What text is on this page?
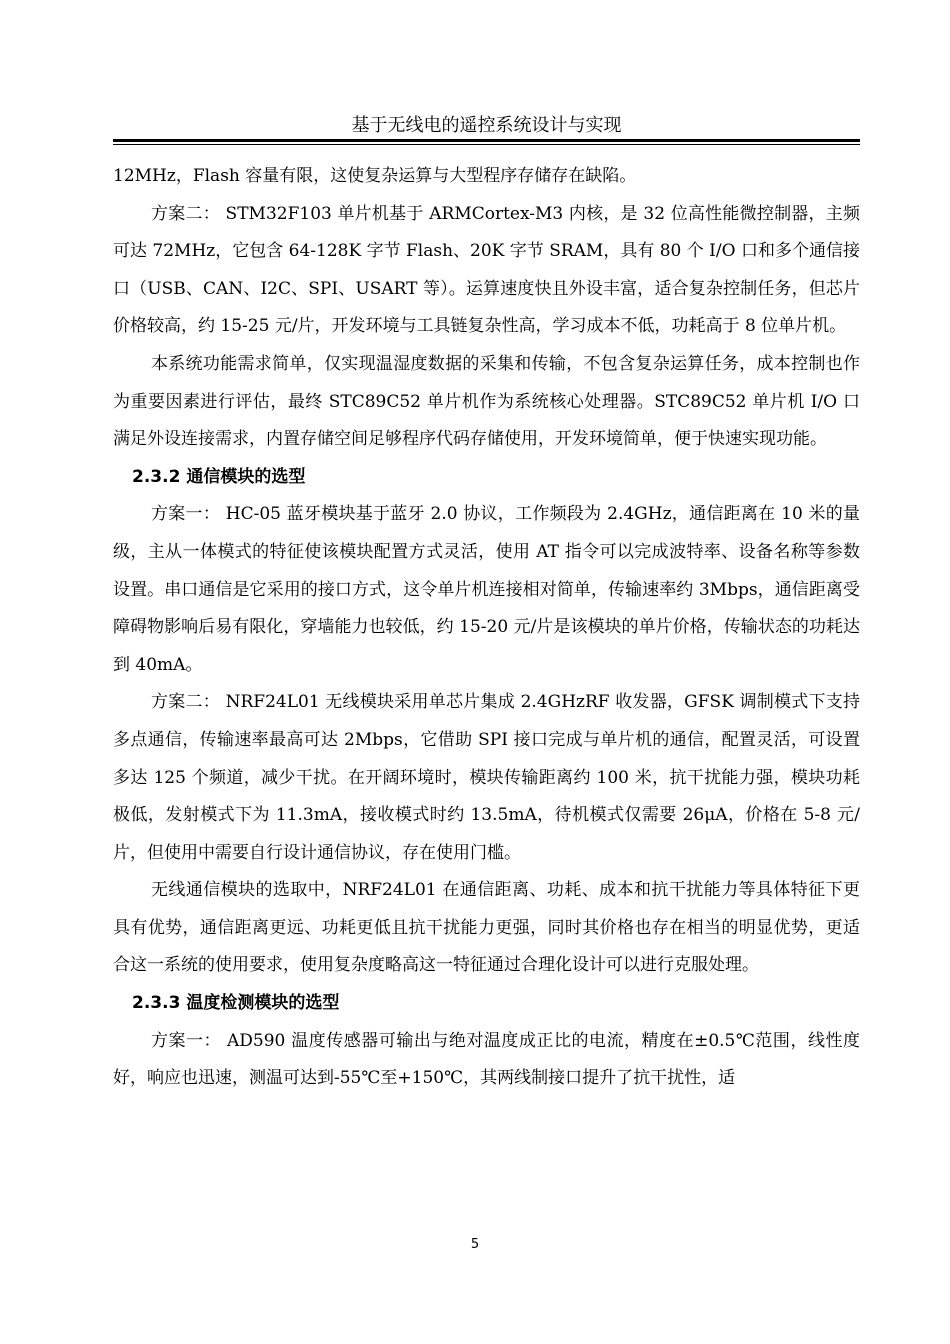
基于无线电的遥控系统设计与实现

12MHz，Flash 容量有限，这使复杂运算与大型程序存储存在缺陷。

方案二： STM32F103 单片机基于 ARMCortex-M3 内核，是 32 位高性能微控制器，主频可达 72MHz，它包含 64-128K 字节 Flash、20K 字节 SRAM，具有 80 个 I/O 口和多个通信接口（USB、CAN、I2C、SPI、USART 等）。运算速度快且外设丰富，适合复杂控制任务，但芯片价格较高，约 15-25 元/片，开发环境与工具链复杂性高，学习成本不低，功耗高于 8 位单片机。

本系统功能需求简单，仅实现温湿度数据的采集和传输，不包含复杂运算任务，成本控制也作为重要因素进行评估，最终 STC89C52 单片机作为系统核心处理器。STC89C52 单片机 I/O 口满足外设连接需求，内置存储空间足够程序代码存储使用，开发环境简单，便于快速实现功能。

2.3.2 通信模块的选型

方案一： HC-05 蓝牙模块基于蓝牙 2.0 协议，工作频段为 2.4GHz，通信距离在 10 米的量级，主从一体模式的特征使该模块配置方式灵活，使用 AT 指令可以完成波特率、设备名称等参数设置。串口通信是它采用的接口方式，这令单片机连接相对简单，传输速率约 3Mbps，通信距离受障碍物影响后易有限化，穿墙能力也较低，约 15-20 元/片是该模块的单片价格，传输状态的功耗达到 40mA。

方案二： NRF24L01 无线模块采用单芯片集成 2.4GHzRF 收发器，GFSK 调制模式下支持多点通信，传输速率最高可达 2Mbps，它借助 SPI 接口完成与单片机的通信，配置灵活，可设置多达 125 个频道，减少干扰。在开阔环境时，模块传输距离约 100 米，抗干扰能力强，模块功耗极低，发射模式下为 11.3mA，接收模式时约 13.5mA，待机模式仅需要 26μA，价格在 5-8 元/片，但使用中需要自行设计通信协议，存在使用门槛。

无线通信模块的选取中，NRF24L01 在通信距离、功耗、成本和抗干扰能力等具体特征下更具有优势，通信距离更远、功耗更低且抗干扰能力更强，同时其价格也存在相当的明显优势，更适合这一系统的使用要求，使用复杂度略高这一特征通过合理化设计可以进行克服处理。

2.3.3 温度检测模块的选型

方案一： AD590 温度传感器可输出与绝对温度成正比的电流，精度在±0.5℃范围，线性度好，响应也迅速，测温可达到-55℃至+150℃，其两线制接口提升了抗干扰性，适

5
